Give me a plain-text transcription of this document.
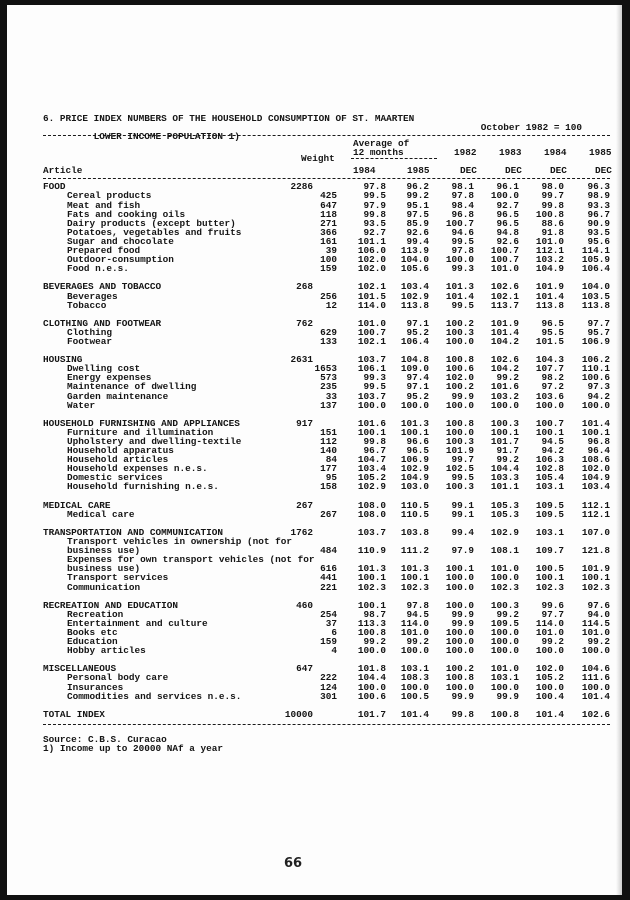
6. PRICE INDEX NUMBERS OF THE HOUSEHOLD CONSUMPTION OF ST. MAARTEN

LOWER INCOME POPULATION 1)

October 1982 = 100

Average of
12 months
Weight
Article	1984	1985
1982 1983 1984 1985
DEC	DEC	DEC	DEC
FOOD	2286	97.8	96.2	98.1	96.1	98.0	96.3
Cereal products	425	99.5	99.2	97.8	100.0	99.7	98.9
Meat and fish	647	97.9	95.1	98.4	92.7	99.8	93.3
Fats and cooking oils	118	99.8	97.5	96.8	96.5	100.8	96.7
Dairy products (except butter)	271	93.5	85.9	100.7	96.5	88.6	90.9
Potatoes, vegetables and fruits	366	92.7	92.6	94.6	94.8	91.8	93.5
Sugar and chocolate	161	101.1	99.4	99.5	92.6	101.0	95.6
Prepared food	39	106.0	113.9	97.8	100.7	112.1	114.1
Outdoor-consumption	100	102.0	104.0	100.0	100.7	103.2	105.9
Food n.e.s.	159	102.0	105.6	99.3	101.0	104.9	106.4

BEVERAGES AND TOBACCO	268	102.1	103.4	101.3	102.6	101.9	104.0
Beverages	256	101.5	102.9	101.4	102.1	101.4	103.5
Tobacco	12	114.0	113.8	99.5	113.7	113.8	113.8

CLOTHING AND FOOTWEAR	762	101.0	97.1	100.2	101.9	96.5	97.7
Clothing	629	100.7	95.2	100.3	101.4	95.5	95.7
Footwear	133	102.1	106.4	100.0	104.2	101.5	106.9

HOUSING	2631	103.7	104.8	100.8	102.6	104.3	106.2
Dwelling cost	1653	106.1	109.0	100.6	104.2	107.7	110.1
Energy expenses	573	99.3	97.4	102.0	99.2	98.2	100.6
Maintenance of dwelling	235	99.5	97.1	100.2	101.6	97.2	97.3
Garden maintenance	33	103.7	95.2	99.9	103.2	103.6	94.2
Water	137	100.0	100.0	100.0	100.0	100.0	100.0

HOUSEHOLD FURNISHING AND APPLIANCES	917	101.6	101.3	100.8	100.3	100.7	101.4
Furniture and illumination	151	100.1	100.1	100.0	100.1	100.1	100.1
Upholstery and dwelling-textile	112	99.8	96.6	100.3	101.7	94.5	96.8
Household apparatus	140	96.7	96.5	101.9	91.7	94.2	96.4
Household articles	84	104.7	106.9	99.7	99.2	106.3	108.6
Household expenses n.e.s.	177	103.4	102.9	102.5	104.4	102.8	102.0
Domestic services	95	105.2	104.9	99.5	103.3	105.4	104.9
Household furnishing n.e.s.	158	102.9	103.0	100.3	101.1	103.1	103.4

MEDICAL CARE	267	108.0	110.5	99.1	105.3	109.5	112.1
Medical care	267	108.0	110.5	99.1	105.3	109.5	112.1

TRANSPORTATION AND COMMUNICATION	1762	103.7	103.8	99.4	102.9	103.1	107.0
Transport vehicles in ownership (not for							
business use)	484	110.9	111.2	97.9	108.1	109.7	121.8
Expenses for own transport vehicles (not for							
business use)	616	101.3	101.3	100.1	101.0	100.5	101.9
Transport services	441	100.1	100.1	100.0	100.0	100.1	100.1
Communication	221	102.3	102.3	100.0	102.3	102.3	102.3

RECREATION AND EDUCATION	460	100.1	97.8	100.0	100.3	99.6	97.6
Recreation	254	98.7	94.5	99.9	99.2	97.7	94.0
Entertainment and culture	37	113.3	114.0	99.9	109.5	114.0	114.5
Books etc	6	100.8	101.0	100.0	100.0	101.0	101.0
Education	159	99.2	99.2	100.0	100.0	99.2	99.2
Hobby articles	4	100.0	100.0	100.0	100.0	100.0	100.0

MISCELLANEOUS	647	101.8	103.1	100.2	101.0	102.0	104.6
Personal body care	222	104.4	108.3	100.8	103.1	105.2	111.6
Insurances	124	100.0	100.0	100.0	100.0	100.0	100.0
Commodities and services n.e.s.	301	100.6	100.5	99.9	99.9	100.4	101.4

TOTAL INDEX	10000	101.7	101.4	99.8	100.8	101.4	102.6
Source: C.B.S. Curacao
1) Income up to 20000 NAf a year
66
